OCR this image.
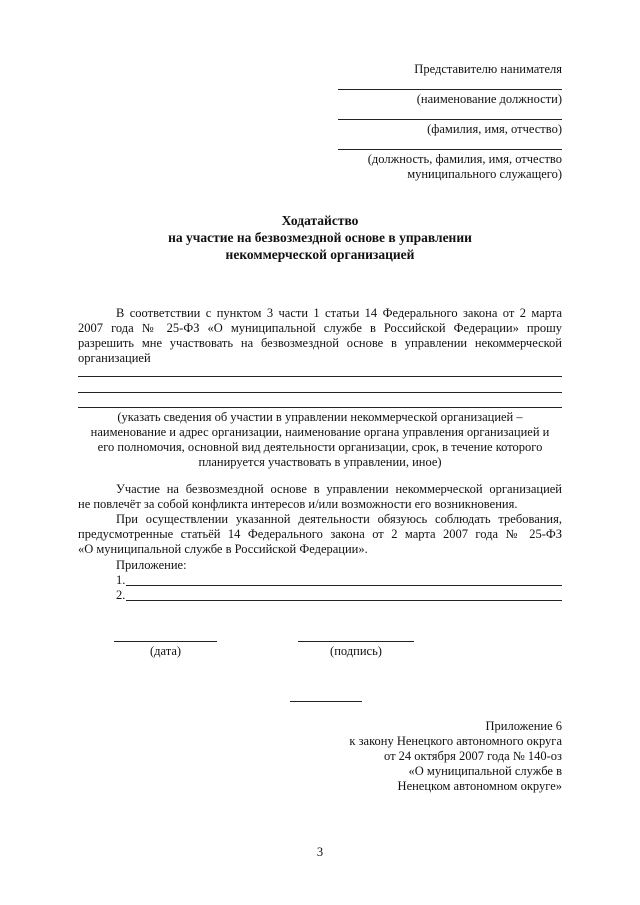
Представителю нанимателя
(наименование должности)
(фамилия, имя, отчество)
(должность, фамилия, имя, отчество
муниципального служащего)
Ходатайство
на участие на безвозмездной основе в управлении
некоммерческой организацией
В соответствии с пунктом 3 части 1 статьи 14 Федерального закона от 2 марта
2007 года № 25-ФЗ «О муниципальной службе в Российской Федерации» прошу
разрешить мне участвовать на безвозмездной основе в управлении некоммерческой
организацией
(указать сведения об участии в управлении некоммерческой организацией –
наименование и адрес организации, наименование органа управления организацией и
его полномочия, основной вид деятельности организации, срок, в течение которого
планируется участвовать в управлении, иное)
Участие на безвозмездной основе в управлении некоммерческой организацией
не повлечёт за собой конфликта интересов и/или возможности его возникновения.
При осуществлении указанной деятельности обязуюсь соблюдать требования,
предусмотренные статьёй 14 Федерального закона от 2 марта 2007 года № 25-ФЗ
«О муниципальной службе в Российской Федерации».
Приложение:
1.
2.
(дата)	(подпись)
Приложение 6
к закону Ненецкого автономного округа
от 24 октября 2007 года № 140-оз
«О муниципальной службе в
Ненецком автономном округе»
3
